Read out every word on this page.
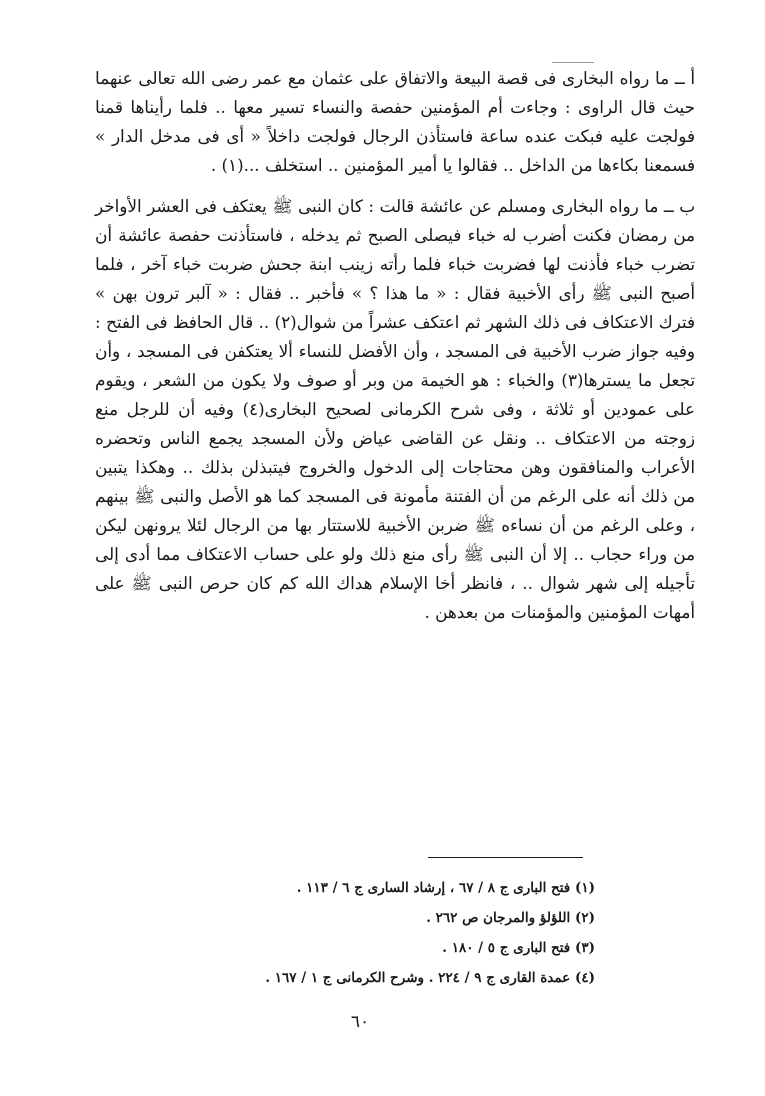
أ ــ ما رواه البخارى فى قصة البيعة والاتفاق على عثمان مع عمر رضى الله تعالى عنهما حيث قال الراوى : وجاءت أم المؤمنين حفصة والنساء تسير معها .. فلما رأيناها قمنا فولجت عليه فبكت عنده ساعة فاستأذن الرجال فولجت داخلاً « أى فى مدخل الدار » فسمعنا بكاءها من الداخل .. فقالوا يا أمير المؤمنين .. استخلف ...(١) .

ب ــ ما رواه البخارى ومسلم عن عائشة قالت : كان النبى ﷺ يعتكف فى العشر الأواخر من رمضان فكنت أضرب له خباء فيصلى الصبح ثم يدخله ، فاستأذنت حفصة عائشة أن تضرب خباء فأذنت لها فضربت خباء فلما رأته زينب ابنة جحش ضربت خباء آخر ، فلما أصبح النبى ﷺ رأى الأخبية فقال : « ما هذا ؟ » فأخبر .. فقال : « آلبر ترون بهن » فترك الاعتكاف فى ذلك الشهر ثم اعتكف عشراً من شوال(٢) .. قال الحافظ فى الفتح : وفيه جواز ضرب الأخبية فى المسجد ، وأن الأفضل للنساء ألا يعتكفن فى المسجد ، وأن تجعل ما يسترها(٣) والخباء : هو الخيمة من وبر أو صوف ولا يكون من الشعر ، ويقوم على عمودين أو ثلاثة ، وفى شرح الكرمانى لصحيح البخارى(٤) وفيه أن للرجل منع زوجته من الاعتكاف .. ونقل عن القاضى عياض ولأن المسجد يجمع الناس وتحضره الأعراب والمنافقون وهن محتاجات إلى الدخول والخروج فيتبذلن بذلك .. وهكذا يتبين من ذلك أنه على الرغم من أن الفتنة مأمونة فى المسجد كما هو الأصل والنبى ﷺ بينهم ، وعلى الرغم من أن نساءه ﷺ ضربن الأخبية للاستتار بها من الرجال لئلا يرونهن ليكن من وراء حجاب .. إلا أن النبى ﷺ رأى منع ذلك ولو على حساب الاعتكاف مما أدى إلى تأجيله إلى شهر شوال .. ، فانظر أخا الإسلام هداك الله كم كان حرص النبى ﷺ على أمهات المؤمنين والمؤمنات من بعدهن .

(١) فتح البارى ج ٨ / ٦٧ ، إرشاد السارى ج ٦ / ١١٣ .
(٢) اللؤلؤ والمرجان ص ٢٦٢ .
(٣) فتح البارى ج ٥ / ١٨٠ .
(٤) عمدة القارى ج ٩ / ٢٢٤ . وشرح الكرمانى ج ١ / ١٦٧ .
٦٠
